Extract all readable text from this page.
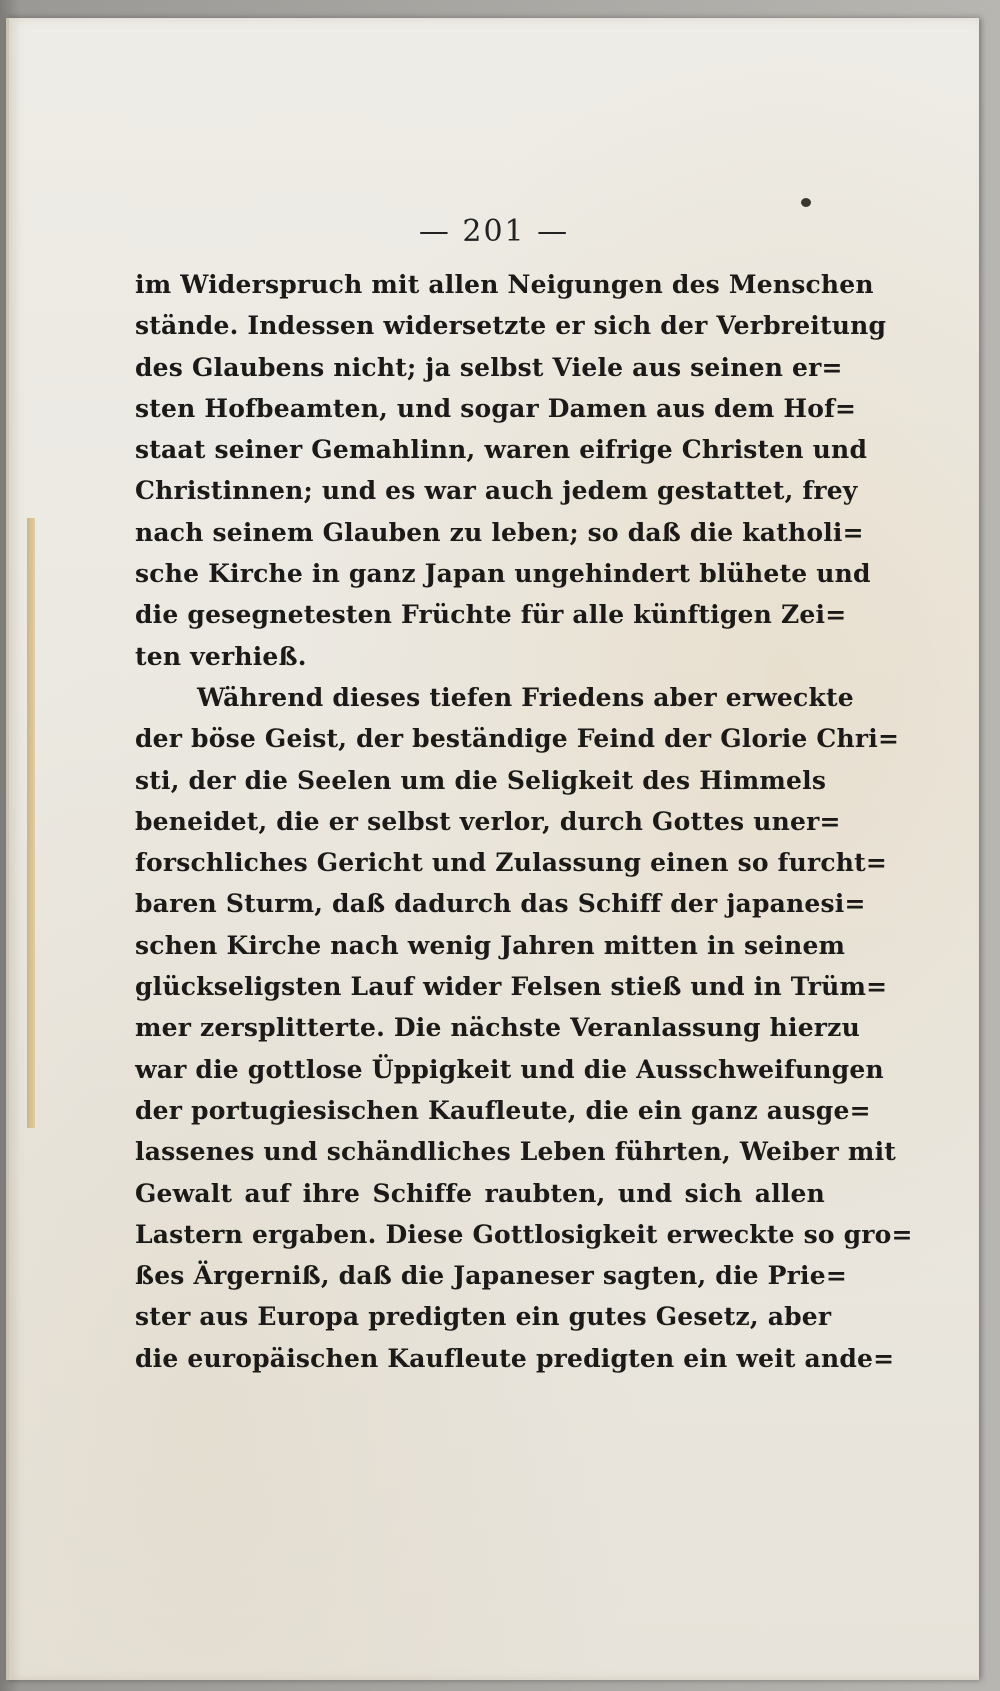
— 201 —
im Widerspruch mit allen Neigungen des Menschen
stände. Indessen widersetzte er sich der Verbreitung
des Glaubens nicht; ja selbst Viele aus seinen er=
sten Hofbeamten, und sogar Damen aus dem Hof=
staat seiner Gemahlinn, waren eifrige Christen und
Christinnen; und es war auch jedem gestattet, frey
nach seinem Glauben zu leben; so daß die katholi=
sche Kirche in ganz Japan ungehindert blühete und
die gesegnetesten Früchte für alle künftigen Zei=
ten verhieß.
Während dieses tiefen Friedens aber erweckte
der böse Geist, der beständige Feind der Glorie Chri=
sti, der die Seelen um die Seligkeit des Himmels
beneidet, die er selbst verlor, durch Gottes uner=
forschliches Gericht und Zulassung einen so furcht=
baren Sturm, daß dadurch das Schiff der japanesi=
schen Kirche nach wenig Jahren mitten in seinem
glückseligsten Lauf wider Felsen stieß und in Trüm=
mer zersplitterte. Die nächste Veranlassung hierzu
war die gottlose Üppigkeit und die Ausschweifungen
der portugiesischen Kaufleute, die ein ganz ausge=
lassenes und schändliches Leben führten, Weiber mit
Gewalt auf ihre Schiffe raubten, und sich allen
Lastern ergaben. Diese Gottlosigkeit erweckte so gro=
ßes Ärgerniß, daß die Japaneser sagten, die Prie=
ster aus Europa predigten ein gutes Gesetz, aber
die europäischen Kaufleute predigten ein weit ande=
